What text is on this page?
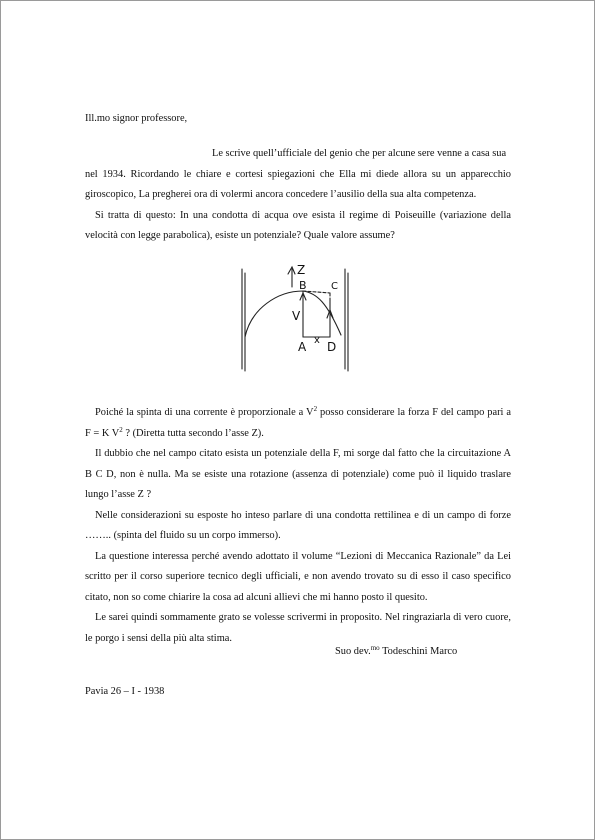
Ill.mo signor professore,

Le scrive quell’ufficiale del genio che per alcune sere venne a casa sua
nel 1934. Ricordando le chiare e cortesi spiegazioni che Ella mi diede allora su un apparecchio giroscopico, La pregherei ora di volermi ancora concedere l’ausilio della sua alta competenza.

Si tratta di questo: In una condotta di acqua ove esista il regime di Poiseuille (variazione della velocità con legge parabolica), esiste un potenziale? Quale valore assume?

Z
B C
V
A x D

Poiché la spinta di una corrente è proporzionale a $V^2$ posso considerare la forza F del campo pari a F = K $V^2$ ? (Diretta tutta secondo l’asse Z).

Il dubbio che nel campo citato esista un potenziale della F, mi sorge dal fatto che la circuitazione A B C D, non è nulla. Ma se esiste una rotazione (assenza di potenziale) come può il liquido traslare lungo l’asse Z ?

Nelle considerazioni su esposte ho inteso parlare di una condotta rettilinea e di un campo di forze …….. (spinta del fluido su un corpo immerso).

La questione interessa perché avendo adottato il volume “Lezioni di Meccanica Razionale” da Lei scritto per il corso superiore tecnico degli ufficiali, e non avendo trovato su di esso il caso specifico citato, non so come chiarire la cosa ad alcuni allievi che mi hanno posto il quesito.

Le sarei quindi sommamente grato se volesse scrivermi in proposito. Nel ringraziarla di vero cuore, le porgo i sensi della più alta stima.

Suo dev.$^{mo}$ Todeschini Marco
Pavia 26 – I - 1938
